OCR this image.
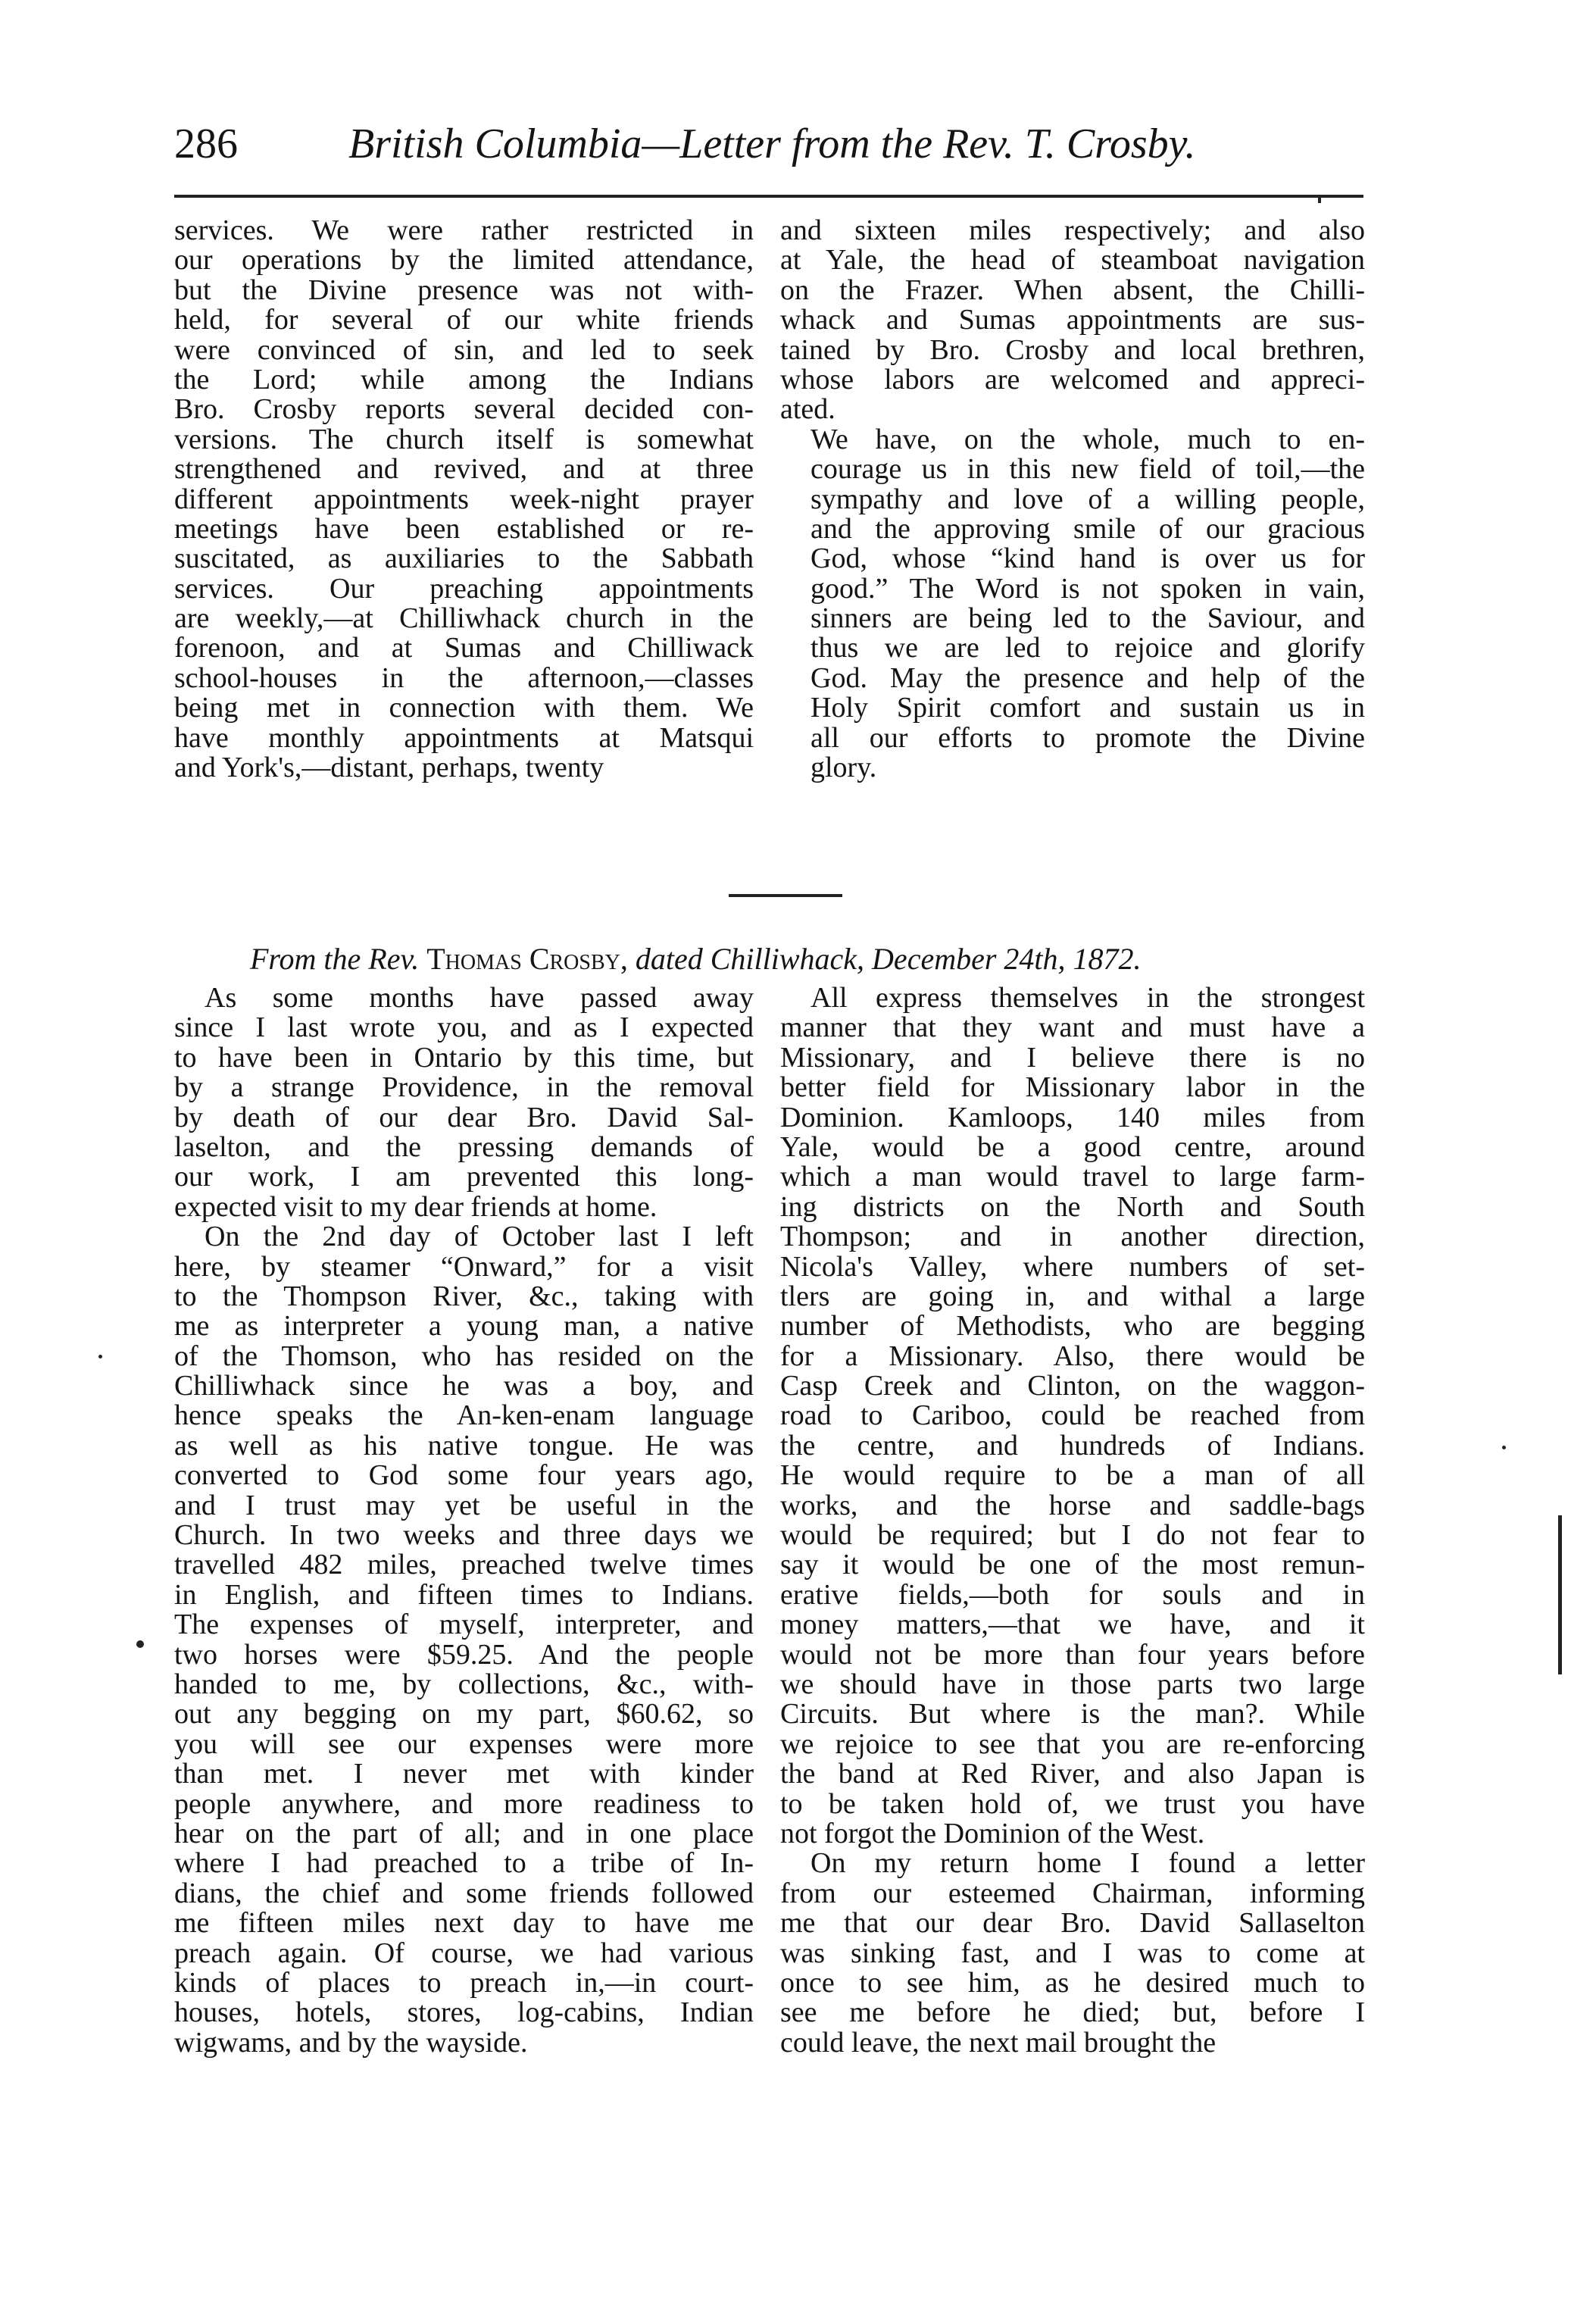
286	British Columbia—Letter from the Rev. T. Crosby.

services. We were rather restricted in
our operations by the limited attendance,
but the Divine presence was not with-
held, for several of our white friends
were convinced of sin, and led to seek
the Lord; while among the Indians
Bro. Crosby reports several decided con-
versions. The church itself is somewhat
strengthened and revived, and at three
different appointments week-night prayer
meetings have been established or re-
suscitated, as auxiliaries to the Sabbath
services. Our preaching appointments
are weekly,—at Chilliwhack church in the
forenoon, and at Sumas and Chilliwack
school-houses in the afternoon,—classes
being met in connection with them. We
have monthly appointments at Matsqui
and York's,—distant, perhaps, twenty

and sixteen miles respectively; and also
at Yale, the head of steamboat navigation
on the Frazer. When absent, the Chilli-
whack and Sumas appointments are sus-
tained by Bro. Crosby and local brethren,
whose labors are welcomed and appreci-
ated.

We have, on the whole, much to en-
courage us in this new field of toil,—the
sympathy and love of a willing people,
and the approving smile of our gracious
God, whose “kind hand is over us for
good.” The Word is not spoken in vain,
sinners are being led to the Saviour, and
thus we are led to rejoice and glorify
God. May the presence and help of the
Holy Spirit comfort and sustain us in
all our efforts to promote the Divine
glory.

From the Rev. Thomas Crosby, dated Chilliwhack, December 24th, 1872.

As some months have passed away
since I last wrote you, and as I expected
to have been in Ontario by this time, but
by a strange Providence, in the removal
by death of our dear Bro. David Sal-
laselton, and the pressing demands of
our work, I am prevented this long-
expected visit to my dear friends at home.

On the 2nd day of October last I left
here, by steamer “Onward,” for a visit
to the Thompson River, &c., taking with
me as interpreter a young man, a native
of the Thomson, who has resided on the
Chilliwhack since he was a boy, and
hence speaks the An-ken-enam language
as well as his native tongue. He was
converted to God some four years ago,
and I trust may yet be useful in the
Church. In two weeks and three days we
travelled 482 miles, preached twelve times
in English, and fifteen times to Indians.
The expenses of myself, interpreter, and
two horses were $59.25. And the people
handed to me, by collections, &c., with-
out any begging on my part, $60.62, so
you will see our expenses were more
than met. I never met with kinder
people anywhere, and more readiness to
hear on the part of all; and in one place
where I had preached to a tribe of In-
dians, the chief and some friends followed
me fifteen miles next day to have me
preach again. Of course, we had various
kinds of places to preach in,—in court-
houses, hotels, stores, log-cabins, Indian
wigwams, and by the wayside.

All express themselves in the strongest
manner that they want and must have a
Missionary, and I believe there is no
better field for Missionary labor in the
Dominion. Kamloops, 140 miles from
Yale, would be a good centre, around
which a man would travel to large farm-
ing districts on the North and South
Thompson; and in another direction,
Nicola's Valley, where numbers of set-
tlers are going in, and withal a large
number of Methodists, who are begging
for a Missionary. Also, there would be
Casp Creek and Clinton, on the waggon-
road to Cariboo, could be reached from
the centre, and hundreds of Indians.
He would require to be a man of all
works, and the horse and saddle-bags
would be required; but I do not fear to
say it would be one of the most remun-
erative fields,—both for souls and in
money matters,—that we have, and it
would not be more than four years before
we should have in those parts two large
Circuits. But where is the man?. While
we rejoice to see that you are re-enforcing
the band at Red River, and also Japan is
to be taken hold of, we trust you have
not forgot the Dominion of the West.

On my return home I found a letter
from our esteemed Chairman, informing
me that our dear Bro. David Sallaselton
was sinking fast, and I was to come at
once to see him, as he desired much to
see me before he died; but, before I
could leave, the next mail brought the
